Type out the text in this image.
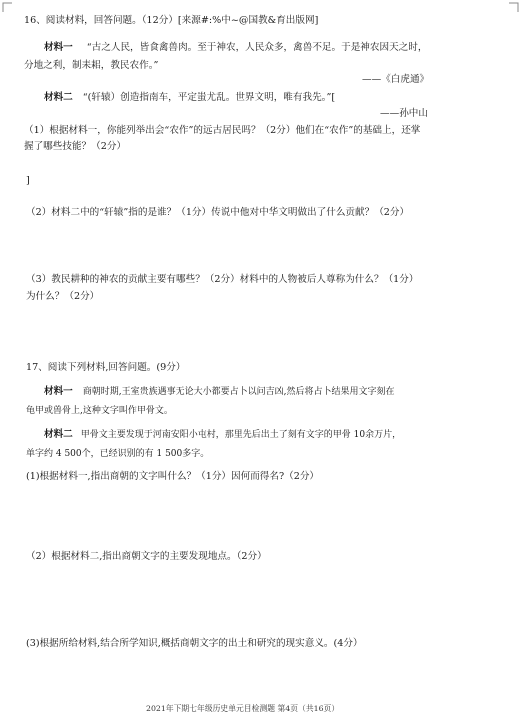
16、阅读材料，回答问题。（12分）[来源#:%中~@国教&育出版网]
材料一 “古之人民，皆食禽兽肉。至于神农，人民众多，禽兽不足。于是神农因天之时，
分地之利，制耒耜，教民农作。”
——《白虎通》
材料二 “(轩辕）创造指南车，平定蚩尤乱。世界文明，唯有我先。”[
——孙中山
（1）根据材料一，你能列举出会“农作”的远古居民吗？（2分）他们在“农作”的基础上，还掌
握了哪些技能？（2分）
]
（2）材料二中的“轩辕”指的是谁？（1分）传说中他对中华文明做出了什么贡献？（2分）
（3）教民耕种的神农的贡献主要有哪些？（2分）材料中的人物被后人尊称为什么？（1分）
为什么？（2分）
17、阅读下列材料,回答问题。(9分）
材料一 商朝时期,王室贵族遇事无论大小都要占卜以问吉凶,然后将占卜结果用文字刻在
龟甲或兽骨上,这种文字叫作甲骨文。
材料二 甲骨文主要发现于河南安阳小屯村，那里先后出土了刻有文字的甲骨 10余万片，
单字约 4 500个，已经识别的有 1 500多字。
(1)根据材料一,指出商朝的文字叫什么？（1分）因何而得名?（2分）
（2）根据材料二,指出商朝文字的主要发现地点。（2分）
(3)根据所给材料,结合所学知识,概括商朝文字的出土和研究的现实意义。(4分）
2021年下期七年级历史单元目检测题 第4页（共16页）
